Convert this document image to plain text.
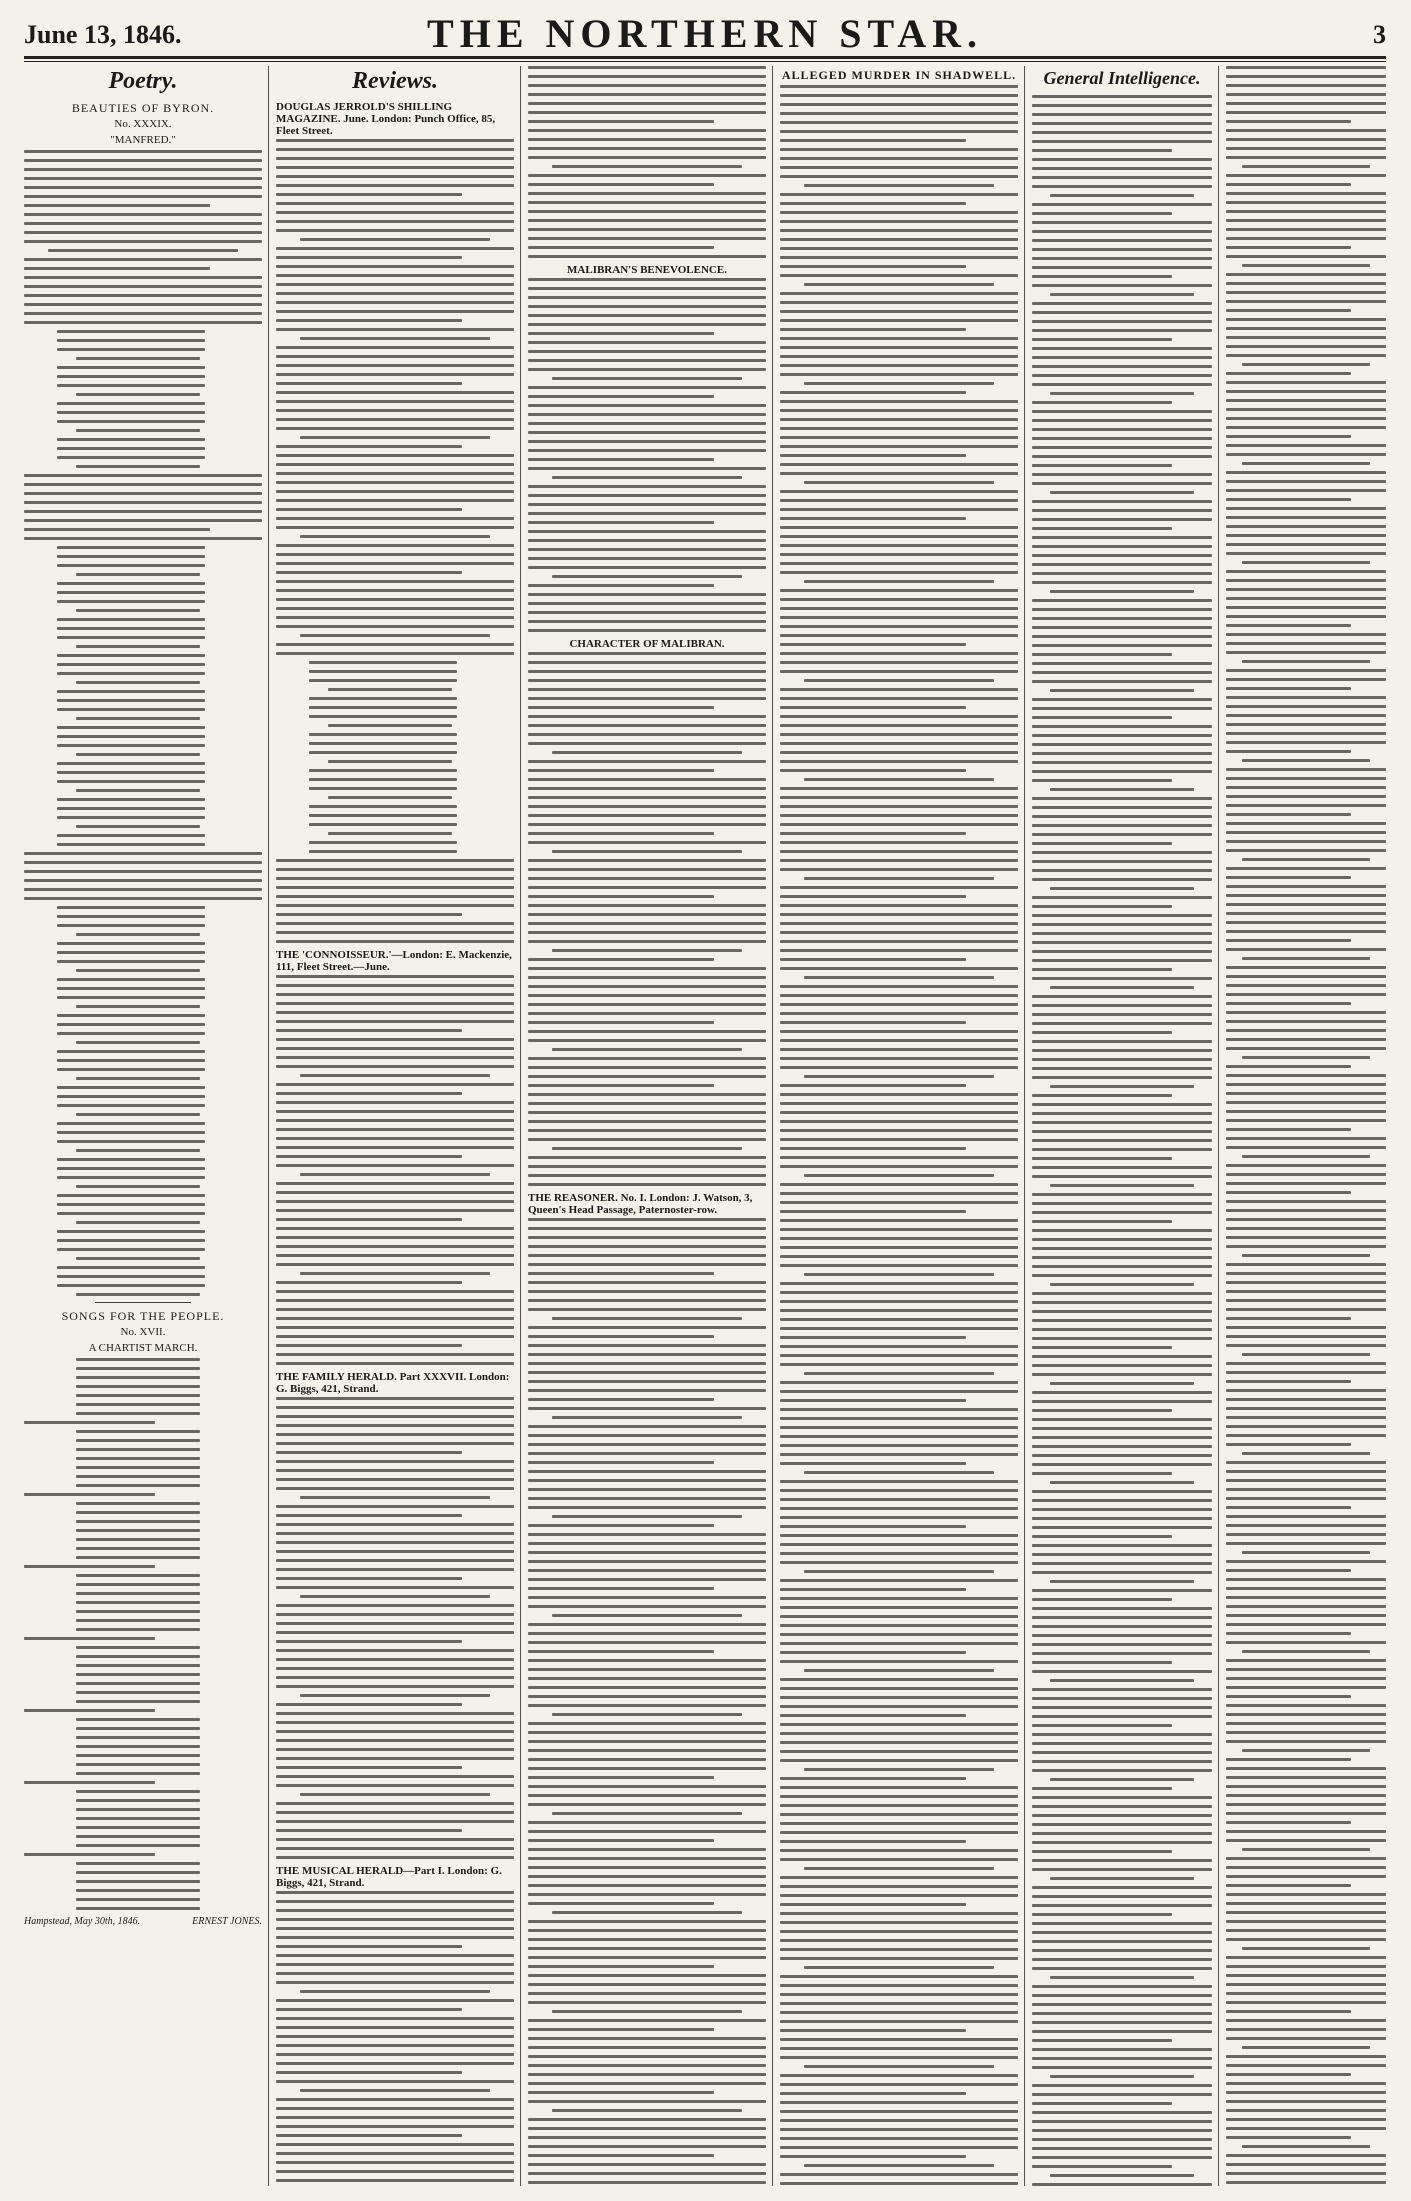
June 13, 1846.	THE NORTHERN STAR.	3
Poetry.
BEAUTIES OF BYRON.
No. XXXIX.
"MANFRED."
SONGS FOR THE PEOPLE.
No. XVII.
A CHARTIST MARCH.
Hampstead, May 30th, 1846.	ERNEST JONES.
Reviews.
DOUGLAS JERROLD'S SHILLING MAGAZINE. June. London: Punch Office, 85, Fleet Street.
THE 'CONNOISSEUR.'—London: E. Mackenzie, 111, Fleet Street.—June.
THE FAMILY HERALD. Part XXXVII. London: G. Biggs, 421, Strand.
THE MUSICAL HERALD—Part I. London: G. Biggs, 421, Strand.
MALIBRAN'S BENEVOLENCE.
CHARACTER OF MALIBRAN.
THE REASONER. No. I. London: J. Watson, 3, Queen's Head Passage, Paternoster-row.
ALLEGED MURDER IN SHADWELL.	General Intelligence.
